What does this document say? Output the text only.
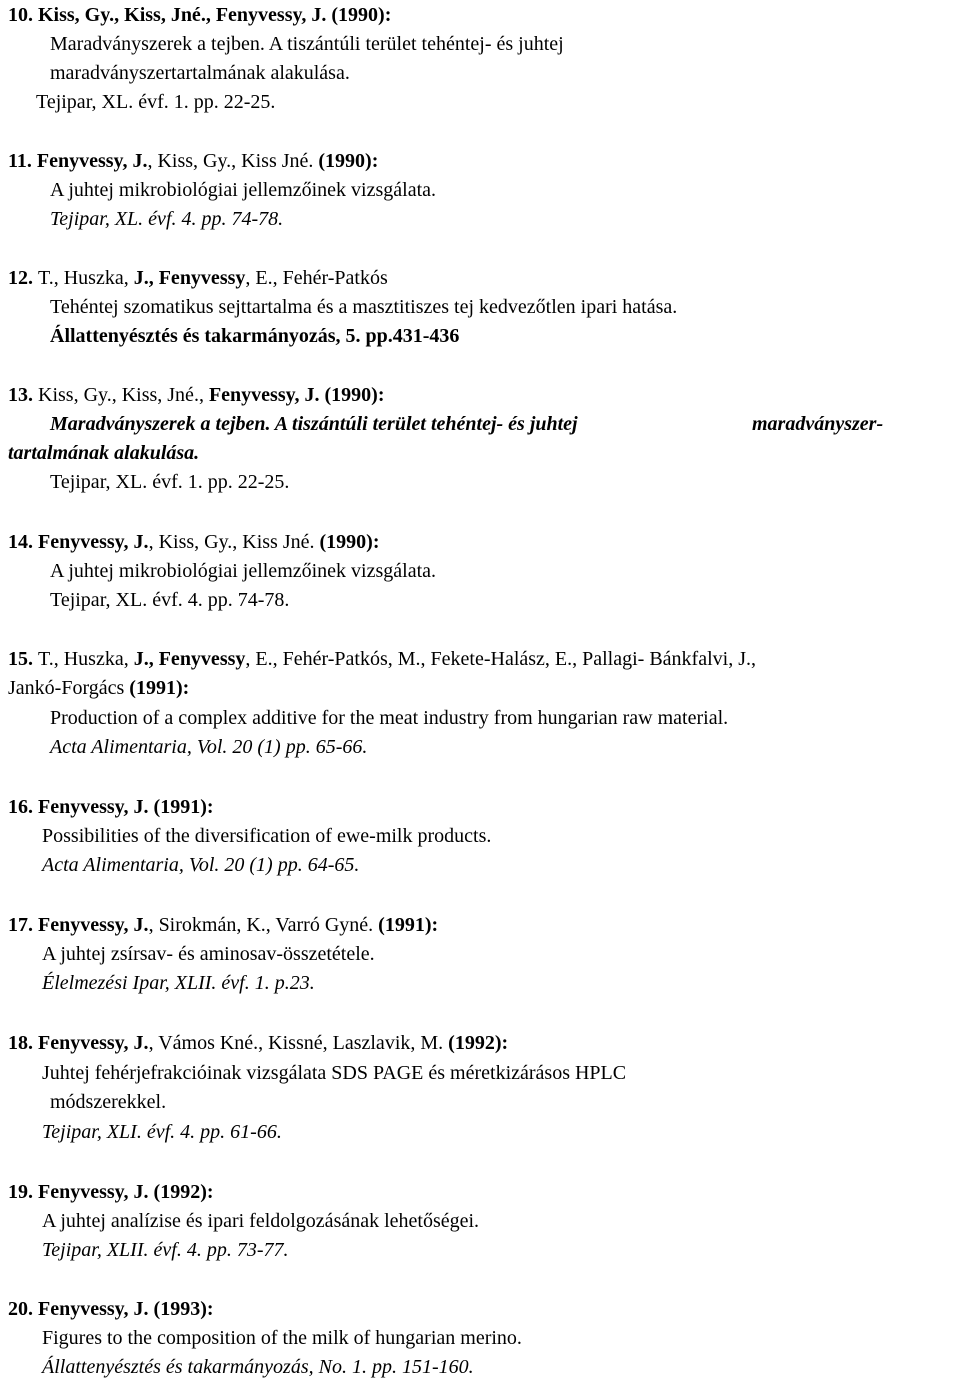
10. Kiss, Gy., Kiss, Jné., Fenyvessy, J. (1990):
Maradványszerek a tejben. A tiszántúli terület tehéntej- és juhtej
maradványszertartalmának alakulása.
Tejipar, XL. évf. 1. pp. 22-25.
11. Fenyvessy, J., Kiss, Gy., Kiss Jné. (1990):
A juhtej mikrobiológiai jellemzőinek vizsgálata.
Tejipar, XL. évf. 4. pp. 74-78.
12. T., Huszka, J., Fenyvessy, E., Fehér-Patkós
Tehéntej szomatikus sejttartalma és a masztitiszes tej kedvezőtlen ipari hatása.
Állattenyésztés és takarmányozás, 5. pp.431-436
13. Kiss, Gy., Kiss, Jné., Fenyvessy, J. (1990):
Maradványszerek a tejben. A tiszántúli terület tehéntej- és juhtej	maradványszer-
tartalmának alakulása.
Tejipar, XL. évf. 1. pp. 22-25.
14. Fenyvessy, J., Kiss, Gy., Kiss Jné. (1990):
A juhtej mikrobiológiai jellemzőinek vizsgálata.
Tejipar, XL. évf. 4. pp. 74-78.
15. T., Huszka, J., Fenyvessy, E., Fehér-Patkós, M., Fekete-Halász, E., Pallagi- Bánkfalvi, J.,
Jankó-Forgács (1991):
Production of a complex additive for the meat industry from hungarian raw material.
Acta Alimentaria, Vol. 20 (1) pp. 65-66.
16. Fenyvessy, J. (1991):
Possibilities of the diversification of ewe-milk products.
Acta Alimentaria, Vol. 20 (1) pp. 64-65.
17. Fenyvessy, J., Sirokmán, K., Varró Gyné. (1991):
A juhtej zsírsav- és aminosav-összetétele.
Élelmezési Ipar, XLII. évf. 1. p.23.
18. Fenyvessy, J., Vámos Kné., Kissné, Laszlavik, M. (1992):
Juhtej fehérjefrakcióinak vizsgálata SDS PAGE és méretkizárásos HPLC
módszerekkel.
Tejipar, XLI. évf. 4. pp. 61-66.
19. Fenyvessy, J. (1992):
A juhtej analízise és ipari feldolgozásának lehetőségei.
Tejipar, XLII. évf. 4. pp. 73-77.
20. Fenyvessy, J. (1993):
Figures to the composition of the milk of hungarian merino.
Állattenyésztés és takarmányozás, No. 1. pp. 151-160.
